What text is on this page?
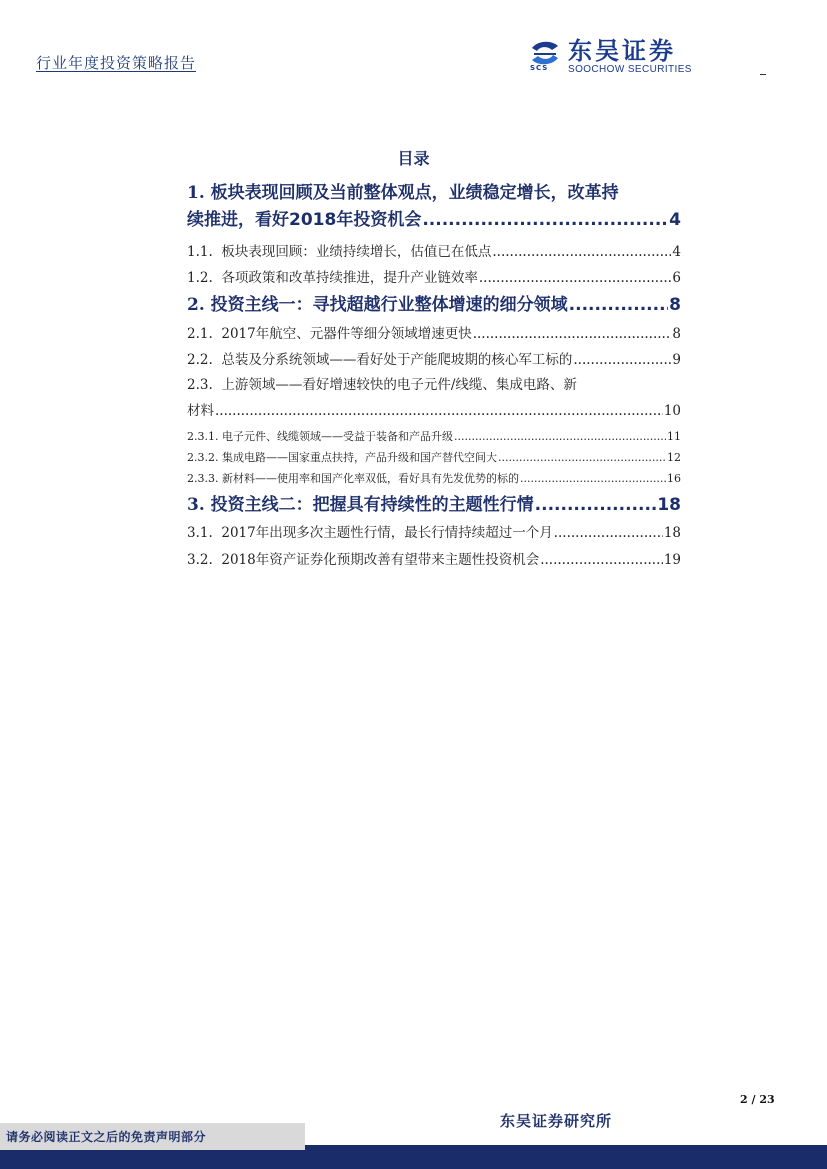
行业年度投资策略报告	SCS
东吴证券
SOOCHOW SECURITIES
目录
1. 板块表现回顾及当前整体观点，业绩稳定增长，改革持
续推进，看好2018年投资机会 .....	4
1.1. 板块表现回顾：业绩持续增长，估值已在低点 .....	4
1.2. 各项政策和改革持续推进，提升产业链效率 .....	6
2. 投资主线一：寻找超越行业整体增速的细分领域 .....	8
2.1. 2017年航空、元器件等细分领域增速更快 .....	8
2.2. 总装及分系统领域——看好处于产能爬坡期的核心军工标的 .....	9
2.3. 上游领域——看好增速较快的电子元件/线缆、集成电路、新
材料 .....	10
2.3.1. 电子元件、线缆领域——受益于装备和产品升级 .....	11
2.3.2. 集成电路——国家重点扶持，产品升级和国产替代空间大 .....	12
2.3.3. 新材料——使用率和国产化率双低，看好具有先发优势的标的 .....	16
3. 投资主线二：把握具有持续性的主题性行情 .....	18
3.1. 2017年出现多次主题性行情，最长行情持续超过一个月 .....	18
3.2. 2018年资产证券化预期改善有望带来主题性投资机会 .....	19
2 / 23
东吴证券研究所
请务必阅读正文之后的免责声明部分
